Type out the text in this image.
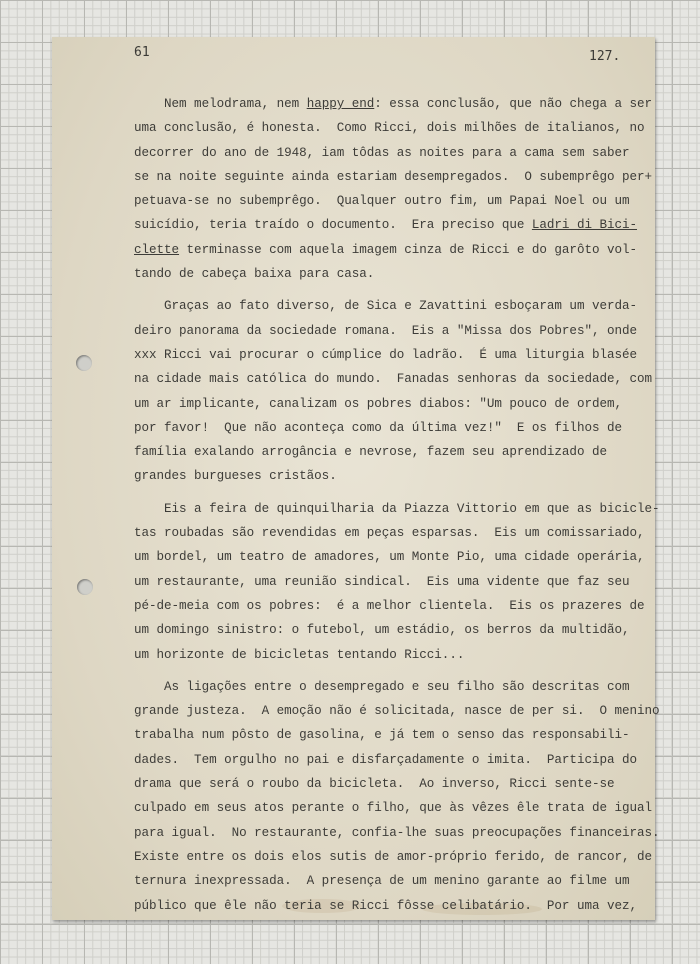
61	127.
Nem melodrama, nem happy end: essa conclusão, que não chega a ser
uma conclusão, é honesta.  Como Ricci, dois milhões de italianos, no
decorrer do ano de 1948, iam tôdas as noites para a cama sem saber
se na noite seguinte ainda estariam desempregados.  O subemprêgo per+
petuava-se no subemprêgo.  Qualquer outro fim, um Papai Noel ou um
suicídio, teria traído o documento.  Era preciso que Ladri di Bici-
clette terminasse com aquela imagem cinza de Ricci e do garôto vol-
tando de cabeça baixa para casa.
Graças ao fato diverso, de Sica e Zavattini esboçaram um verda-
deiro panorama da sociedade romana.  Eis a "Missa dos Pobres", onde
xxx Ricci vai procurar o cúmplice do ladrão.  É uma liturgia blasée
na cidade mais católica do mundo.  Fanadas senhoras da sociedade, com
um ar implicante, canalizam os pobres diabos: "Um pouco de ordem,
por favor!  Que não aconteça como da última vez!"  E os filhos de
família exalando arrogância e nevrose, fazem seu aprendizado de
grandes burgueses cristãos.
Eis a feira de quinquilharia da Piazza Vittorio em que as bicicle-
tas roubadas são revendidas em peças esparsas.  Eis um comissariado,
um bordel, um teatro de amadores, um Monte Pio, uma cidade operária,
um restaurante, uma reunião sindical.  Eis uma vidente que faz seu
pé-de-meia com os pobres:  é a melhor clientela.  Eis os prazeres de
um domingo sinistro: o futebol, um estádio, os berros da multidão,
um horizonte de bicicletas tentando Ricci...
As ligações entre o desempregado e seu filho são descritas com
grande justeza.  A emoção não é solicitada, nasce de per si.  O menino
trabalha num pôsto de gasolina, e já tem o senso das responsabili-
dades.  Tem orgulho no pai e disfarçadamente o imita.  Participa do
drama que será o roubo da bicicleta.  Ao inverso, Ricci sente-se
culpado em seus atos perante o filho, que às vêzes êle trata de igual
para igual.  No restaurante, confia-lhe suas preocupações financeiras.
Existe entre os dois elos sutis de amor-próprio ferido, de rancor, de
ternura inexpressada.  A presença de um menino garante ao filme um
público que êle não teria se Ricci fôsse celibatário.  Por uma vez,
